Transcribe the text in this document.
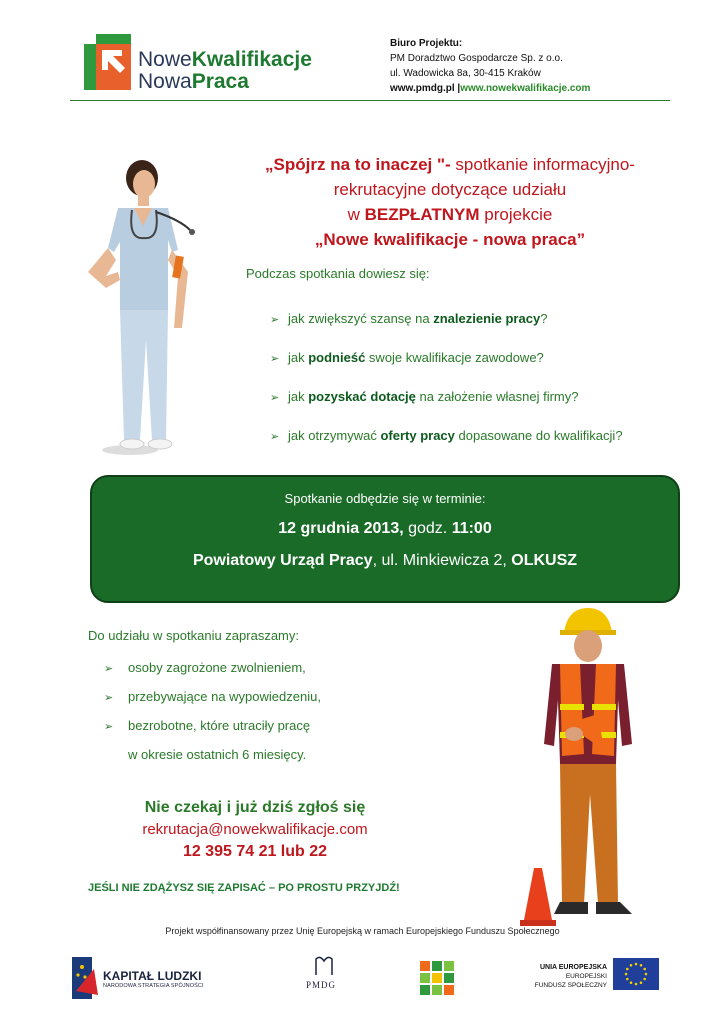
NoweKwalifikacje
NowaPraca
Biuro Projektu:
PM Doradztwo Gospodarcze Sp. z o.o.
ul. Wadowicka 8a, 30-415 Kraków
www.pmdg.pl |www.nowekwalifikacje.com
„Spójrz na to inaczej "- spotkanie informacyjno-
rekrutacyjne dotyczące udziału
w BEZPŁATNYM projekcie
„Nowe kwalifikacje - nowa praca”
Podczas spotkania dowiesz się:
➢ jak zwiększyć szansę na znalezienie pracy?
➢ jak podnieść swoje kwalifikacje zawodowe?
➢ jak pozyskać dotację na założenie własnej firmy?
➢ jak otrzymywać oferty pracy dopasowane do kwalifikacji?
Spotkanie odbędzie się w terminie:
12 grudnia 2013, godz. 11:00
Powiatowy Urząd Pracy, ul. Minkiewicza 2, OLKUSZ
Do udziału w spotkaniu zapraszamy:
➢ osoby zagrożone zwolnieniem,
➢ przebywające na wypowiedzeniu,
➢ bezrobotne, które utraciły pracę
w okresie ostatnich 6 miesięcy.
Nie czekaj i już dziś zgłoś się
rekrutacja@nowekwalifikacje.com
12 395 74 21 lub 22
JEŚLI NIE ZDĄŻYSZ SIĘ ZAPISAĆ – PO PROSTU PRZYJDŹ!
Projekt współfinansowany przez Unię Europejską w ramach Europejskiego Funduszu Społecznego
KAPITAŁ LUDZKI
NARODOWA STRATEGIA SPÓJNOŚCI	PMDG
UNIA EUROPEJSKA
EUROPEJSKI
FUNDUSZ SPOŁECZNY
